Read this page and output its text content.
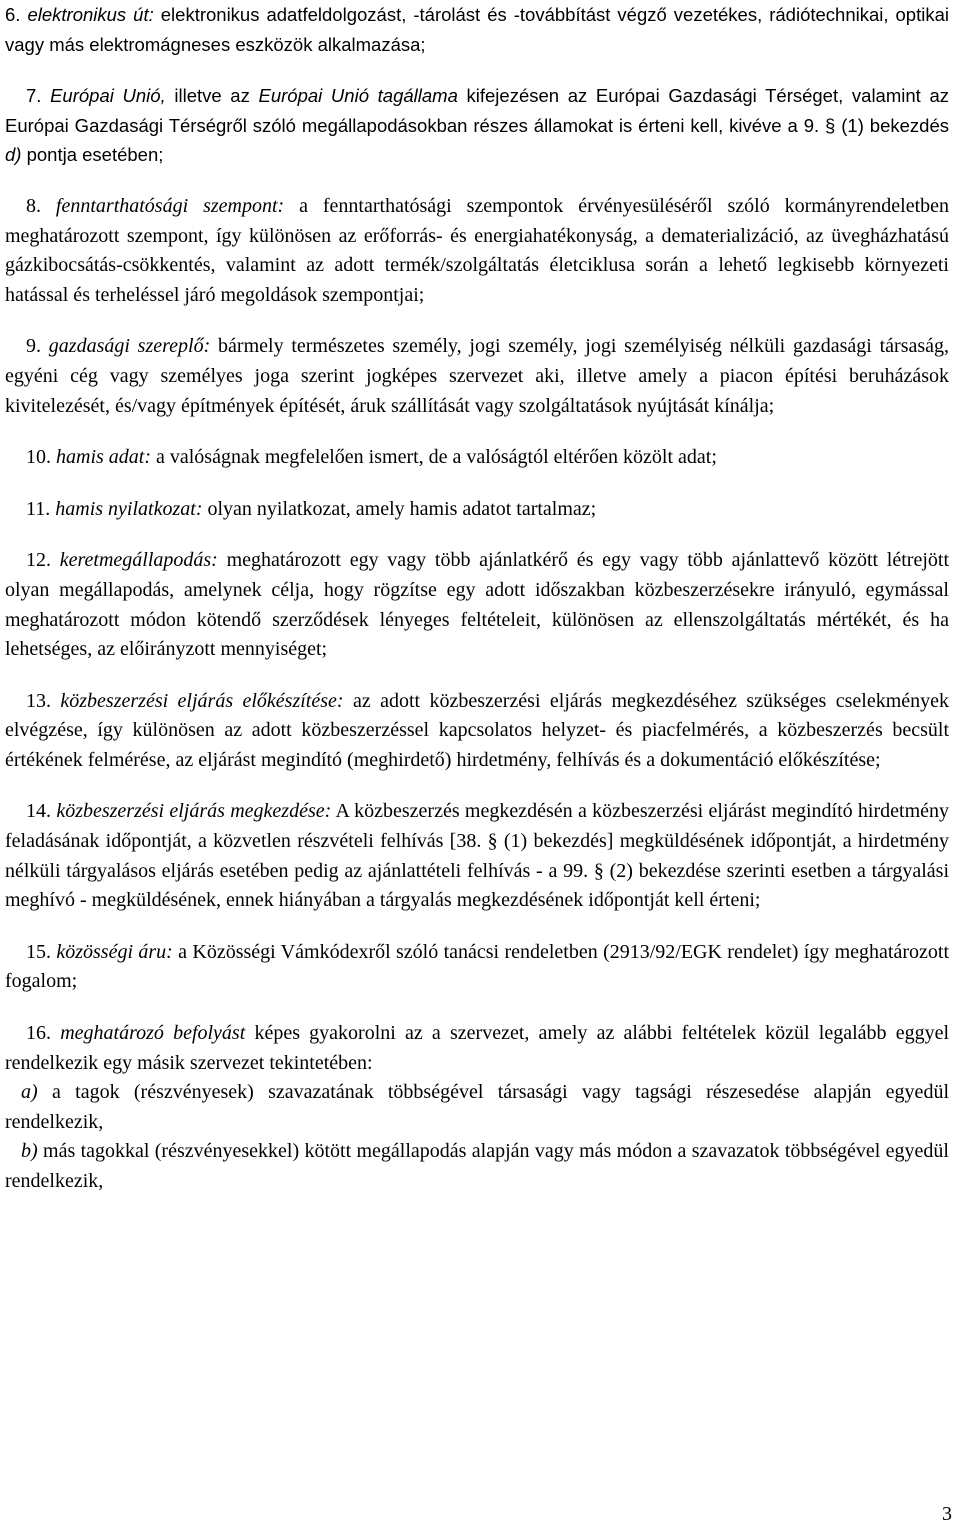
6. elektronikus út: elektronikus adatfeldolgozást, -tárolást és -továbbítást végző vezetékes, rádiótechnikai, optikai vagy más elektromágneses eszközök alkalmazása;

7. Európai Unió, illetve az Európai Unió tagállama kifejezésen az Európai Gazdasági Térséget, valamint az Európai Gazdasági Térségről szóló megállapodásokban részes államokat is érteni kell, kivéve a 9. § (1) bekezdés d) pontja esetében;

8. fenntarthatósági szempont: a fenntarthatósági szempontok érvényesüléséről szóló kormányrendeletben meghatározott szempont, így különösen az erőforrás- és energiahatékonyság, a dematerializáció, az üvegházhatású gázkibocsátás-csökkentés, valamint az adott termék/szolgáltatás életciklusa során a lehető legkisebb környezeti hatással és terheléssel járó megoldások szempontjai;

9. gazdasági szereplő: bármely természetes személy, jogi személy, jogi személyiség nélküli gazdasági társaság, egyéni cég vagy személyes joga szerint jogképes szervezet aki, illetve amely a piacon építési beruházások kivitelezését, és/vagy építmények építését, áruk szállítását vagy szolgáltatások nyújtását kínálja;

10. hamis adat: a valóságnak megfelelően ismert, de a valóságtól eltérően közölt adat;

11. hamis nyilatkozat: olyan nyilatkozat, amely hamis adatot tartalmaz;

12. keretmegállapodás: meghatározott egy vagy több ajánlatkérő és egy vagy több ajánlattevő között létrejött olyan megállapodás, amelynek célja, hogy rögzítse egy adott időszakban közbeszerzésekre irányuló, egymással meghatározott módon kötendő szerződések lényeges feltételeit, különösen az ellenszolgáltatás mértékét, és ha lehetséges, az előirányzott mennyiséget;

13. közbeszerzési eljárás előkészítése: az adott közbeszerzési eljárás megkezdéséhez szükséges cselekmények elvégzése, így különösen az adott közbeszerzéssel kapcsolatos helyzet- és piacfelmérés, a közbeszerzés becsült értékének felmérése, az eljárást megindító (meghirdető) hirdetmény, felhívás és a dokumentáció előkészítése;

14. közbeszerzési eljárás megkezdése: A közbeszerzés megkezdésén a közbeszerzési eljárást megindító hirdetmény feladásának időpontját, a közvetlen részvételi felhívás [38. § (1) bekezdés] megküldésének időpontját, a hirdetmény nélküli tárgyalásos eljárás esetében pedig az ajánlattételi felhívás - a 99. § (2) bekezdése szerinti esetben a tárgyalási meghívó - megküldésének, ennek hiányában a tárgyalás megkezdésének időpontját kell érteni;

15. közösségi áru: a Közösségi Vámkódexről szóló tanácsi rendeletben (2913/92/EGK rendelet) így meghatározott fogalom;

16. meghatározó befolyást képes gyakorolni az a szervezet, amely az alábbi feltételek közül legalább eggyel rendelkezik egy másik szervezet tekintetében:

a) a tagok (részvényesek) szavazatának többségével társasági vagy tagsági részesedése alapján egyedül rendelkezik,

b) más tagokkal (részvényesekkel) kötött megállapodás alapján vagy más módon a szavazatok többségével egyedül rendelkezik,

3
